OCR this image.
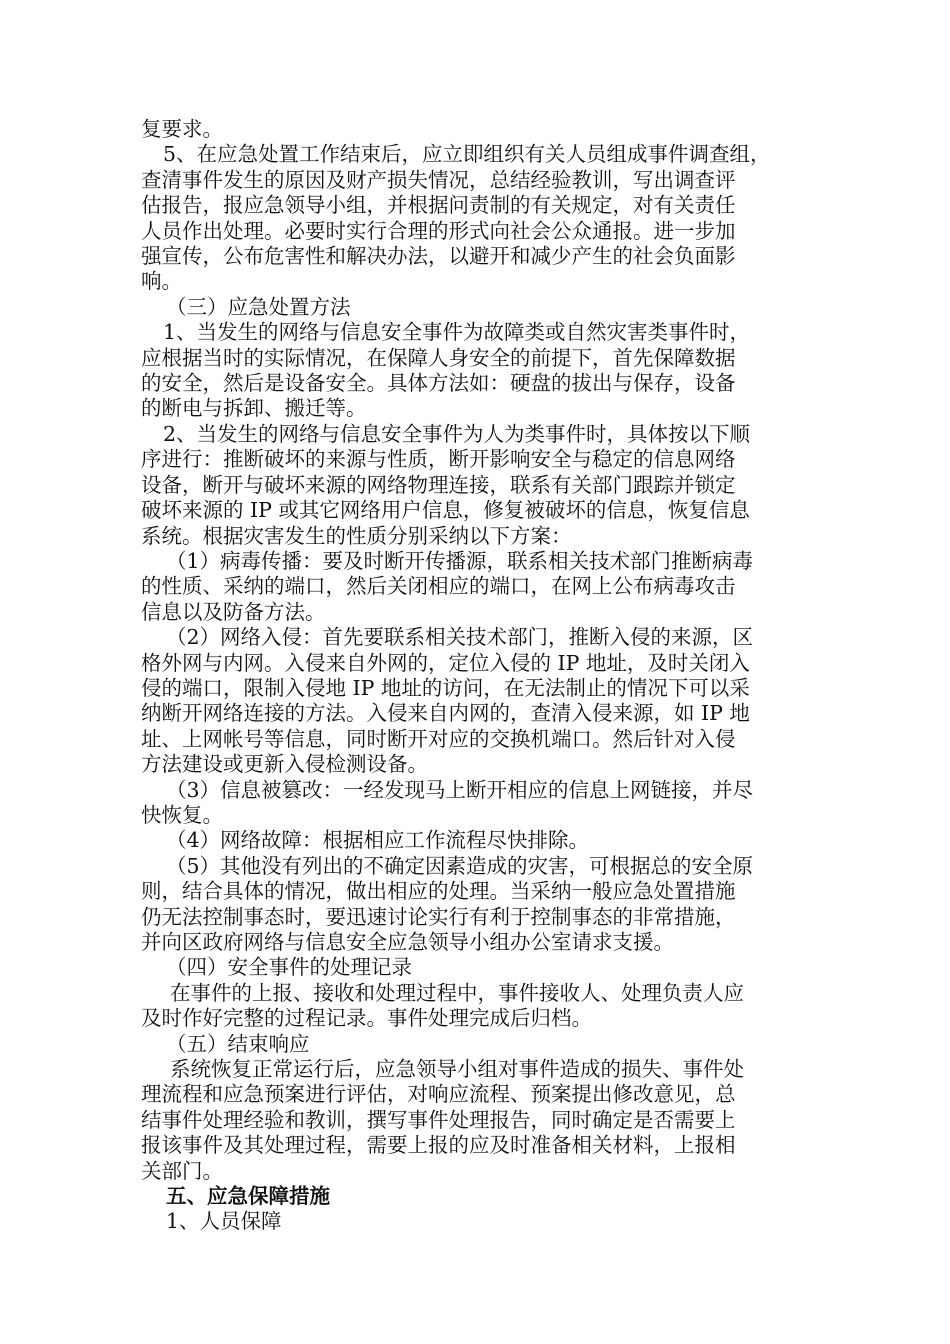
复要求。

5、在应急处置工作结束后，应立即组织有关人员组成事件调查组，

查清事件发生的原因及财产损失情况，总结经验教训，写出调查评

估报告，报应急领导小组，并根据问责制的有关规定，对有关责任

人员作出处理。必要时实行合理的形式向社会公众通报。进一步加

强宣传，公布危害性和解决办法，以避开和减少产生的社会负面影

响。

（三）应急处置方法

1、当发生的网络与信息安全事件为故障类或自然灾害类事件时，

应根据当时的实际情况，在保障人身安全的前提下，首先保障数据

的安全，然后是设备安全。具体方法如：硬盘的拔出与保存，设备

的断电与拆卸、搬迁等。

2、当发生的网络与信息安全事件为人为类事件时，具体按以下顺

序进行：推断破坏的来源与性质，断开影响安全与稳定的信息网络

设备，断开与破坏来源的网络物理连接，联系有关部门跟踪并锁定

破坏来源的 IP 或其它网络用户信息，修复被破坏的信息，恢复信息

系统。根据灾害发生的性质分别采纳以下方案：

（1）病毒传播：要及时断开传播源，联系相关技术部门推断病毒

的性质、采纳的端口，然后关闭相应的端口，在网上公布病毒攻击

信息以及防备方法。

（2）网络入侵：首先要联系相关技术部门，推断入侵的来源，区

格外网与内网。入侵来自外网的，定位入侵的 IP 地址，及时关闭入

侵的端口，限制入侵地 IP 地址的访问，在无法制止的情况下可以采

纳断开网络连接的方法。入侵来自内网的，查清入侵来源，如 IP 地

址、上网帐号等信息，同时断开对应的交换机端口。然后针对入侵

方法建设或更新入侵检测设备。

（3）信息被篡改：一经发现马上断开相应的信息上网链接，并尽

快恢复。

（4）网络故障：根据相应工作流程尽快排除。

（5）其他没有列出的不确定因素造成的灾害，可根据总的安全原

则，结合具体的情况，做出相应的处理。当采纳一般应急处置措施

仍无法控制事态时，要迅速讨论实行有利于控制事态的非常措施，

并向区政府网络与信息安全应急领导小组办公室请求支援。

（四）安全事件的处理记录

在事件的上报、接收和处理过程中，事件接收人、处理负责人应

及时作好完整的过程记录。事件处理完成后归档。

（五）结束响应

系统恢复正常运行后，应急领导小组对事件造成的损失、事件处

理流程和应急预案进行评估，对响应流程、预案提出修改意见，总

结事件处理经验和教训，撰写事件处理报告，同时确定是否需要上

报该事件及其处理过程，需要上报的应及时准备相关材料，上报相

关部门。

五、应急保障措施

1、人员保障
